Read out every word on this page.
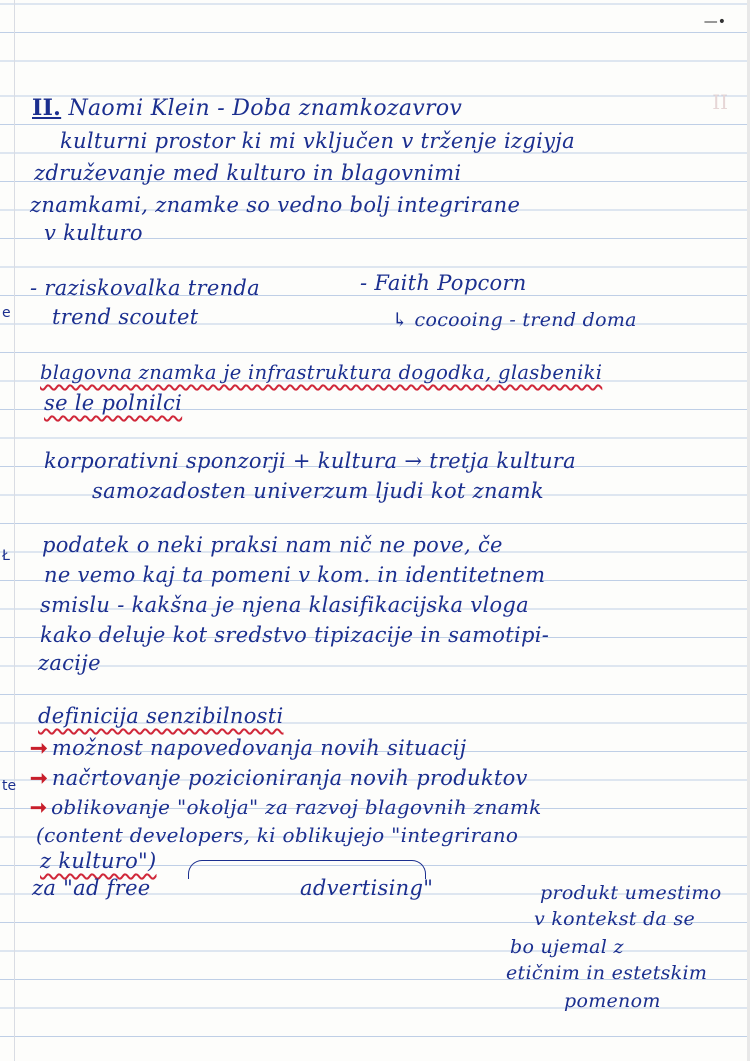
—•
II
e
Ł
te
II. Naomi Klein - Doba znamkozavrov
kulturni prostor ki mi vključen v trženje izgiyja
združevanje med kulturo in blagovnimi
znamkami, znamke so vedno bolj integrirane
v kulturo
- raziskovalka trenda	- Faith Popcorn
trend scoutet	↳ cocooing - trend doma
blagovna znamka je infrastruktura dogodka, glasbeniki
se le polnilci
korporativni sponzorji + kultura → tretja kultura
samozadosten univerzum ljudi kot znamk
podatek o neki praksi nam nič ne pove, če
ne vemo kaj ta pomeni v kom. in identitetnem
smislu - kakšna je njena klasifikacijska vloga
kako deluje kot sredstvo tipizacije in samotipi-
zacije
definicija senzibilnosti
➞ možnost napovedovanja novih situacij
➞ načrtovanje pozicioniranja novih produktov
➞ oblikovanje "okolja" za razvoj blagovnih znamk
(content developers, ki oblikujejo "integrirano
z kulturo")
za "ad free	advertising"	produkt umestimo
v kontekst da se
bo ujemal z
etičnim in estetskim
pomenom
